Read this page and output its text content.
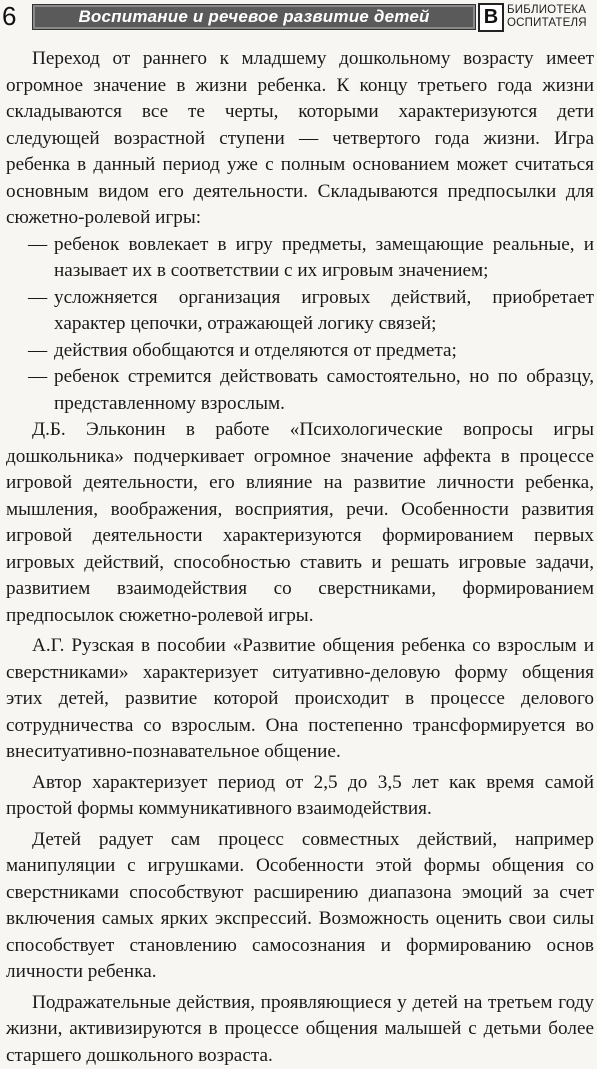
6	Воспитание и речевое развитие детей	В БИБЛИОТЕКА
ОСПИТАТЕЛЯ

Переход от раннего к младшему дошкольному возрасту имеет огромное значение в жизни ребенка. К концу третьего года жизни складываются все те черты, которыми характеризуются дети следующей возрастной ступени — четвертого года жизни. Игра ребенка в данный период уже с полным основанием может считаться основным видом его деятельности. Складываются предпосылки для сюжетно-ролевой игры:

— ребенок вовлекает в игру предметы, замещающие реальные, и называет их в соответствии с их игровым значением;
— усложняется организация игровых действий, приобретает характер цепочки, отражающей логику связей;
— действия обобщаются и отделяются от предмета;
— ребенок стремится действовать самостоятельно, но по образцу, представленному взрослым.

Д.Б. Эльконин в работе «Психологические вопросы игры дошкольника» подчеркивает огромное значение аффекта в процессе игровой деятельности, его влияние на развитие личности ребенка, мышления, воображения, восприятия, речи. Особенности развития игровой деятельности характеризуются формированием первых игровых действий, способностью ставить и решать игровые задачи, развитием взаимодействия со сверстниками, формированием предпосылок сюжетно-ролевой игры.

А.Г. Рузская в пособии «Развитие общения ребенка со взрослым и сверстниками» характеризует ситуативно-деловую форму общения этих детей, развитие которой происходит в процессе делового сотрудничества со взрослым. Она постепенно трансформируется во внеситуативно-познавательное общение.

Автор характеризует период от 2,5 до 3,5 лет как время самой простой формы коммуникативного взаимодействия.

Детей радует сам процесс совместных действий, например манипуляции с игрушками. Особенности этой формы общения со сверстниками способствуют расширению диапазона эмоций за счет включения самых ярких экспрессий. Возможность оценить свои силы способствует становлению самосознания и формированию основ личности ребенка.

Подражательные действия, проявляющиеся у детей на третьем году жизни, активизируются в процессе общения малышей с детьми более старшего дошкольного возраста.
